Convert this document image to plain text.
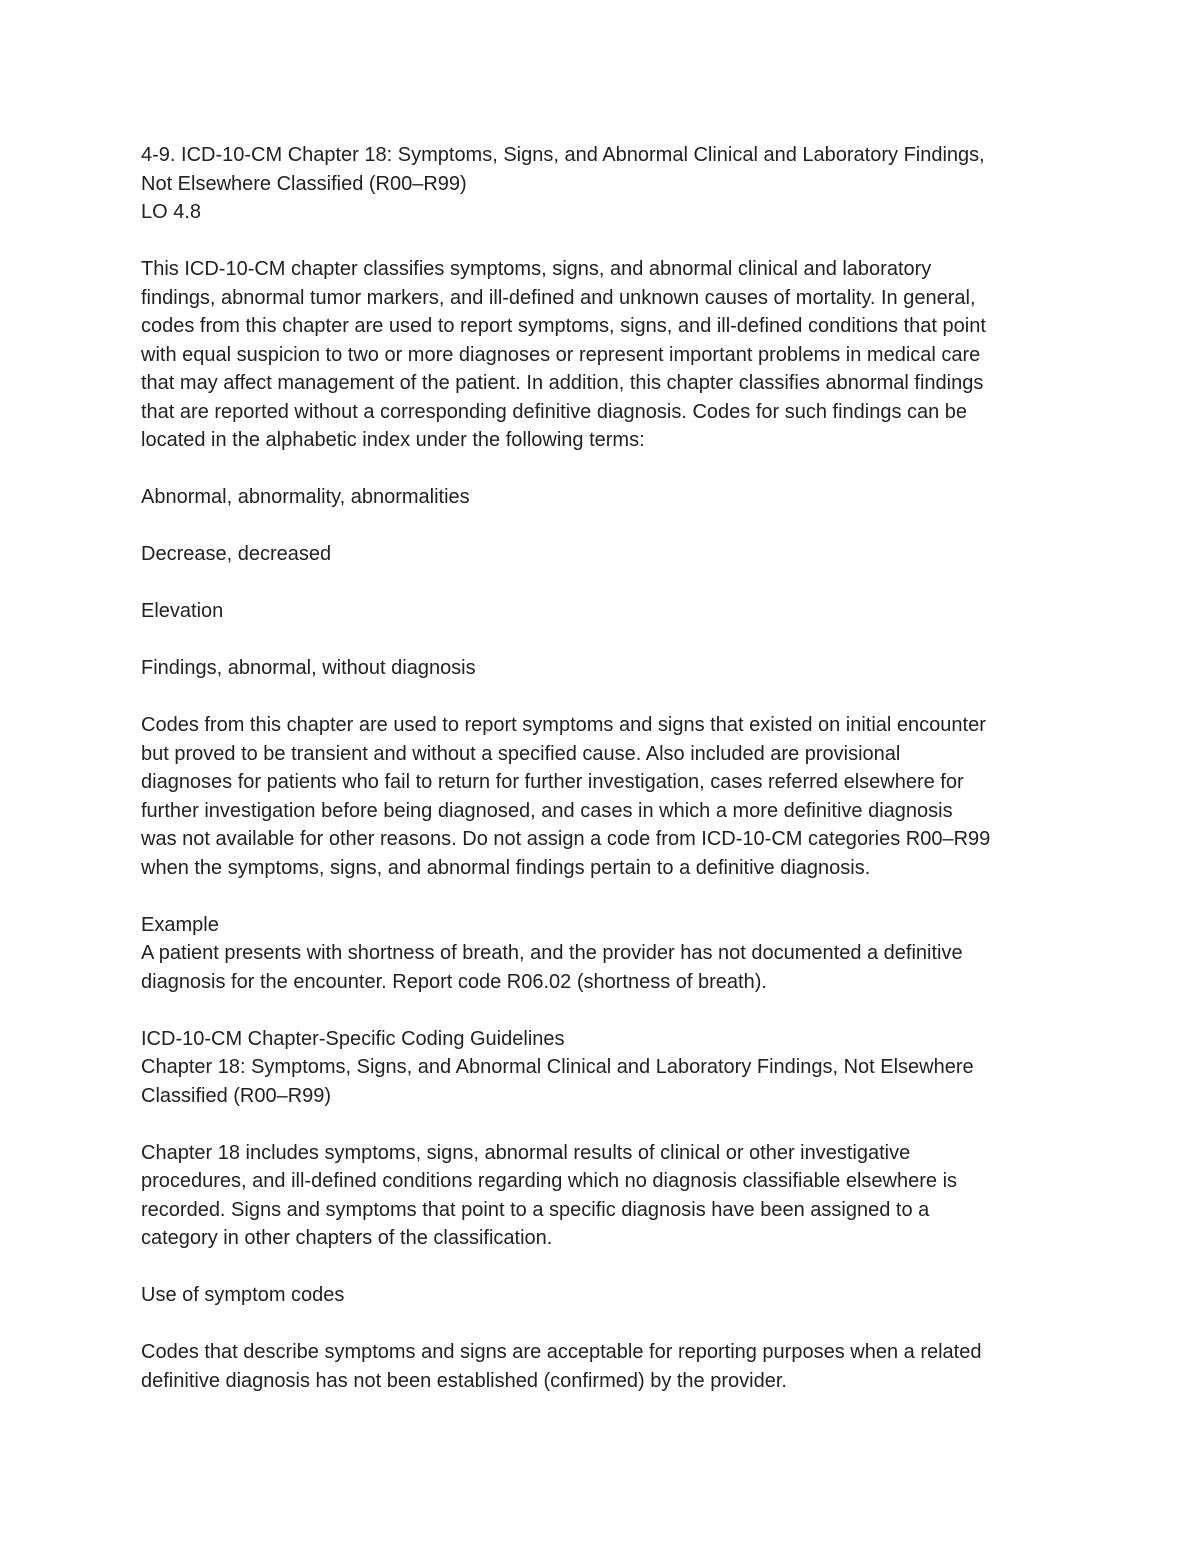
4-9. ICD-10-CM Chapter 18: Symptoms, Signs, and Abnormal Clinical and Laboratory Findings,

Not Elsewhere Classified (R00–R99)

LO 4.8

This ICD-10-CM chapter classifies symptoms, signs, and abnormal clinical and laboratory
findings, abnormal tumor markers, and ill-defined and unknown causes of mortality. In general,
codes from this chapter are used to report symptoms, signs, and ill-defined conditions that point
with equal suspicion to two or more diagnoses or represent important problems in medical care
that may affect management of the patient. In addition, this chapter classifies abnormal findings
that are reported without a corresponding definitive diagnosis. Codes for such findings can be
located in the alphabetic index under the following terms:

Abnormal, abnormality, abnormalities

Decrease, decreased

Elevation

Findings, abnormal, without diagnosis

Codes from this chapter are used to report symptoms and signs that existed on initial encounter
but proved to be transient and without a specified cause. Also included are provisional
diagnoses for patients who fail to return for further investigation, cases referred elsewhere for
further investigation before being diagnosed, and cases in which a more definitive diagnosis
was not available for other reasons. Do not assign a code from ICD-10-CM categories R00–R99
when the symptoms, signs, and abnormal findings pertain to a definitive diagnosis.

Example

A patient presents with shortness of breath, and the provider has not documented a definitive
diagnosis for the encounter. Report code R06.02 (shortness of breath).

ICD-10-CM Chapter-Specific Coding Guidelines

Chapter 18: Symptoms, Signs, and Abnormal Clinical and Laboratory Findings, Not Elsewhere
Classified (R00–R99)

Chapter 18 includes symptoms, signs, abnormal results of clinical or other investigative
procedures, and ill-defined conditions regarding which no diagnosis classifiable elsewhere is
recorded. Signs and symptoms that point to a specific diagnosis have been assigned to a
category in other chapters of the classification.

Use of symptom codes

Codes that describe symptoms and signs are acceptable for reporting purposes when a related
definitive diagnosis has not been established (confirmed) by the provider.
